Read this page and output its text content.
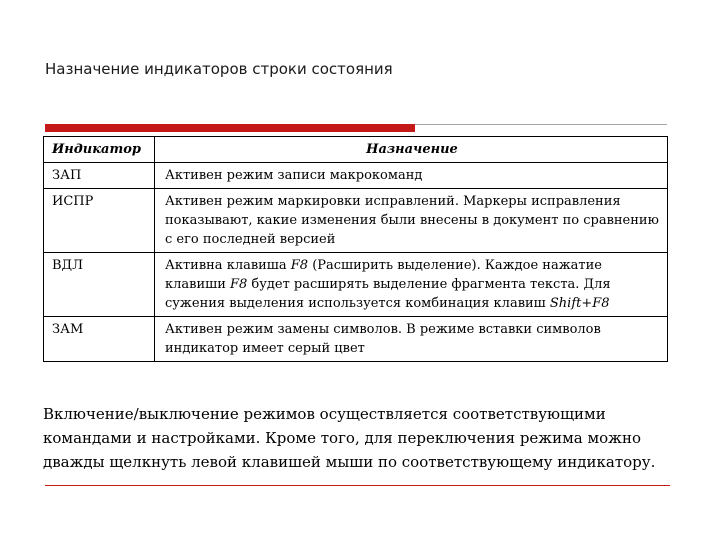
Назначение индикаторов строки состояния
Индикатор	Назначение
ЗАП	Активен режим записи макрокоманд
ИСПР	Активен режим маркировки исправлений. Маркеры исправления показывают, какие изменения были внесены в документ по сравнению с его последней версией
ВДЛ	Активна клавиша F8 (Расширить выделение). Каждое нажатие клавиши F8 будет расширять выделение фрагмента текста. Для сужения выделения используется комбинация клавиш Shift+F8
ЗАМ	Активен режим замены символов. В режиме вставки символов индикатор имеет серый цвет
Включение/выключение режимов осуществляется соответствующими командами и настройками. Кроме того, для переключения режима можно дважды щелкнуть левой клавишей мыши по соответствующему индикатору.
